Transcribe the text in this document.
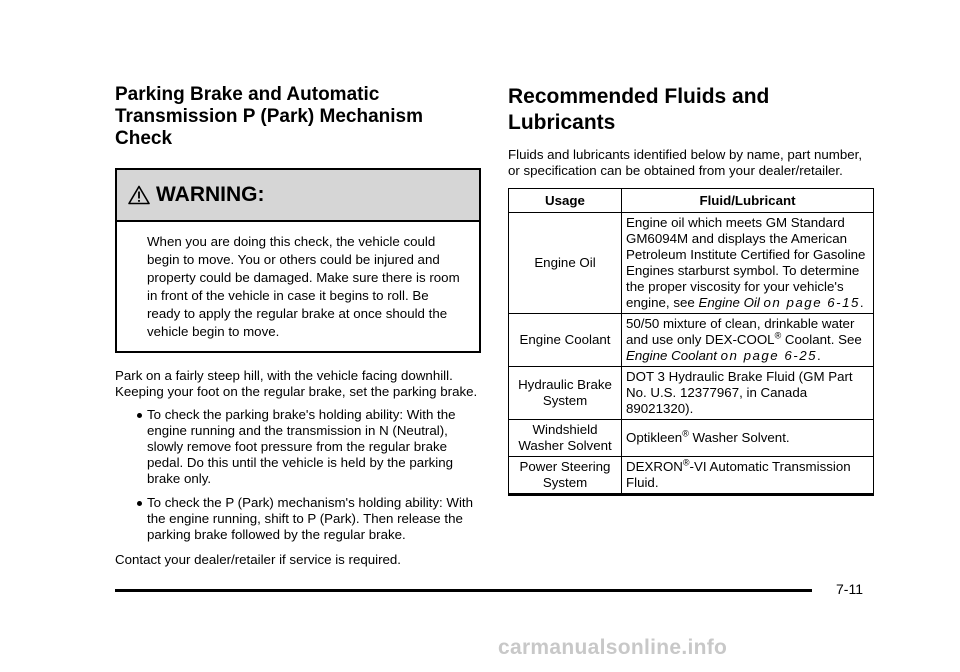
Parking Brake and Automatic Transmission P (Park) Mechanism Check
WARNING:
When you are doing this check, the vehicle could begin to move. You or others could be injured and property could be damaged. Make sure there is room in front of the vehicle in case it begins to roll. Be ready to apply the regular brake at once should the vehicle begin to move.

Park on a fairly steep hill, with the vehicle facing downhill. Keeping your foot on the regular brake, set the parking brake.

To check the parking brake's holding ability: With the engine running and the transmission in N (Neutral), slowly remove foot pressure from the regular brake pedal. Do this until the vehicle is held by the parking brake only.
To check the P (Park) mechanism's holding ability: With the engine running, shift to P (Park). Then release the parking brake followed by the regular brake.

Contact your dealer/retailer if service is required.

Recommended Fluids and Lubricants

Fluids and lubricants identified below by name, part number, or specification can be obtained from your dealer/retailer.

Usage	Fluid/Lubricant
Engine Oil	Engine oil which meets GM Standard GM6094M and displays the American Petroleum Institute Certified for Gasoline Engines starburst symbol. To determine the proper viscosity for your vehicle's engine, see Engine Oil on page 6-15.
Engine Coolant	50/50 mixture of clean, drinkable water and use only DEX-COOL® Coolant. See Engine Coolant on page 6-25.
Hydraulic Brake System	DOT 3 Hydraulic Brake Fluid (GM Part No. U.S. 12377967, in Canada 89021320).
Windshield Washer Solvent	Optikleen® Washer Solvent.
Power Steering System	DEXRON®-VI Automatic Transmission Fluid.
7-11
carmanualsonline.info
